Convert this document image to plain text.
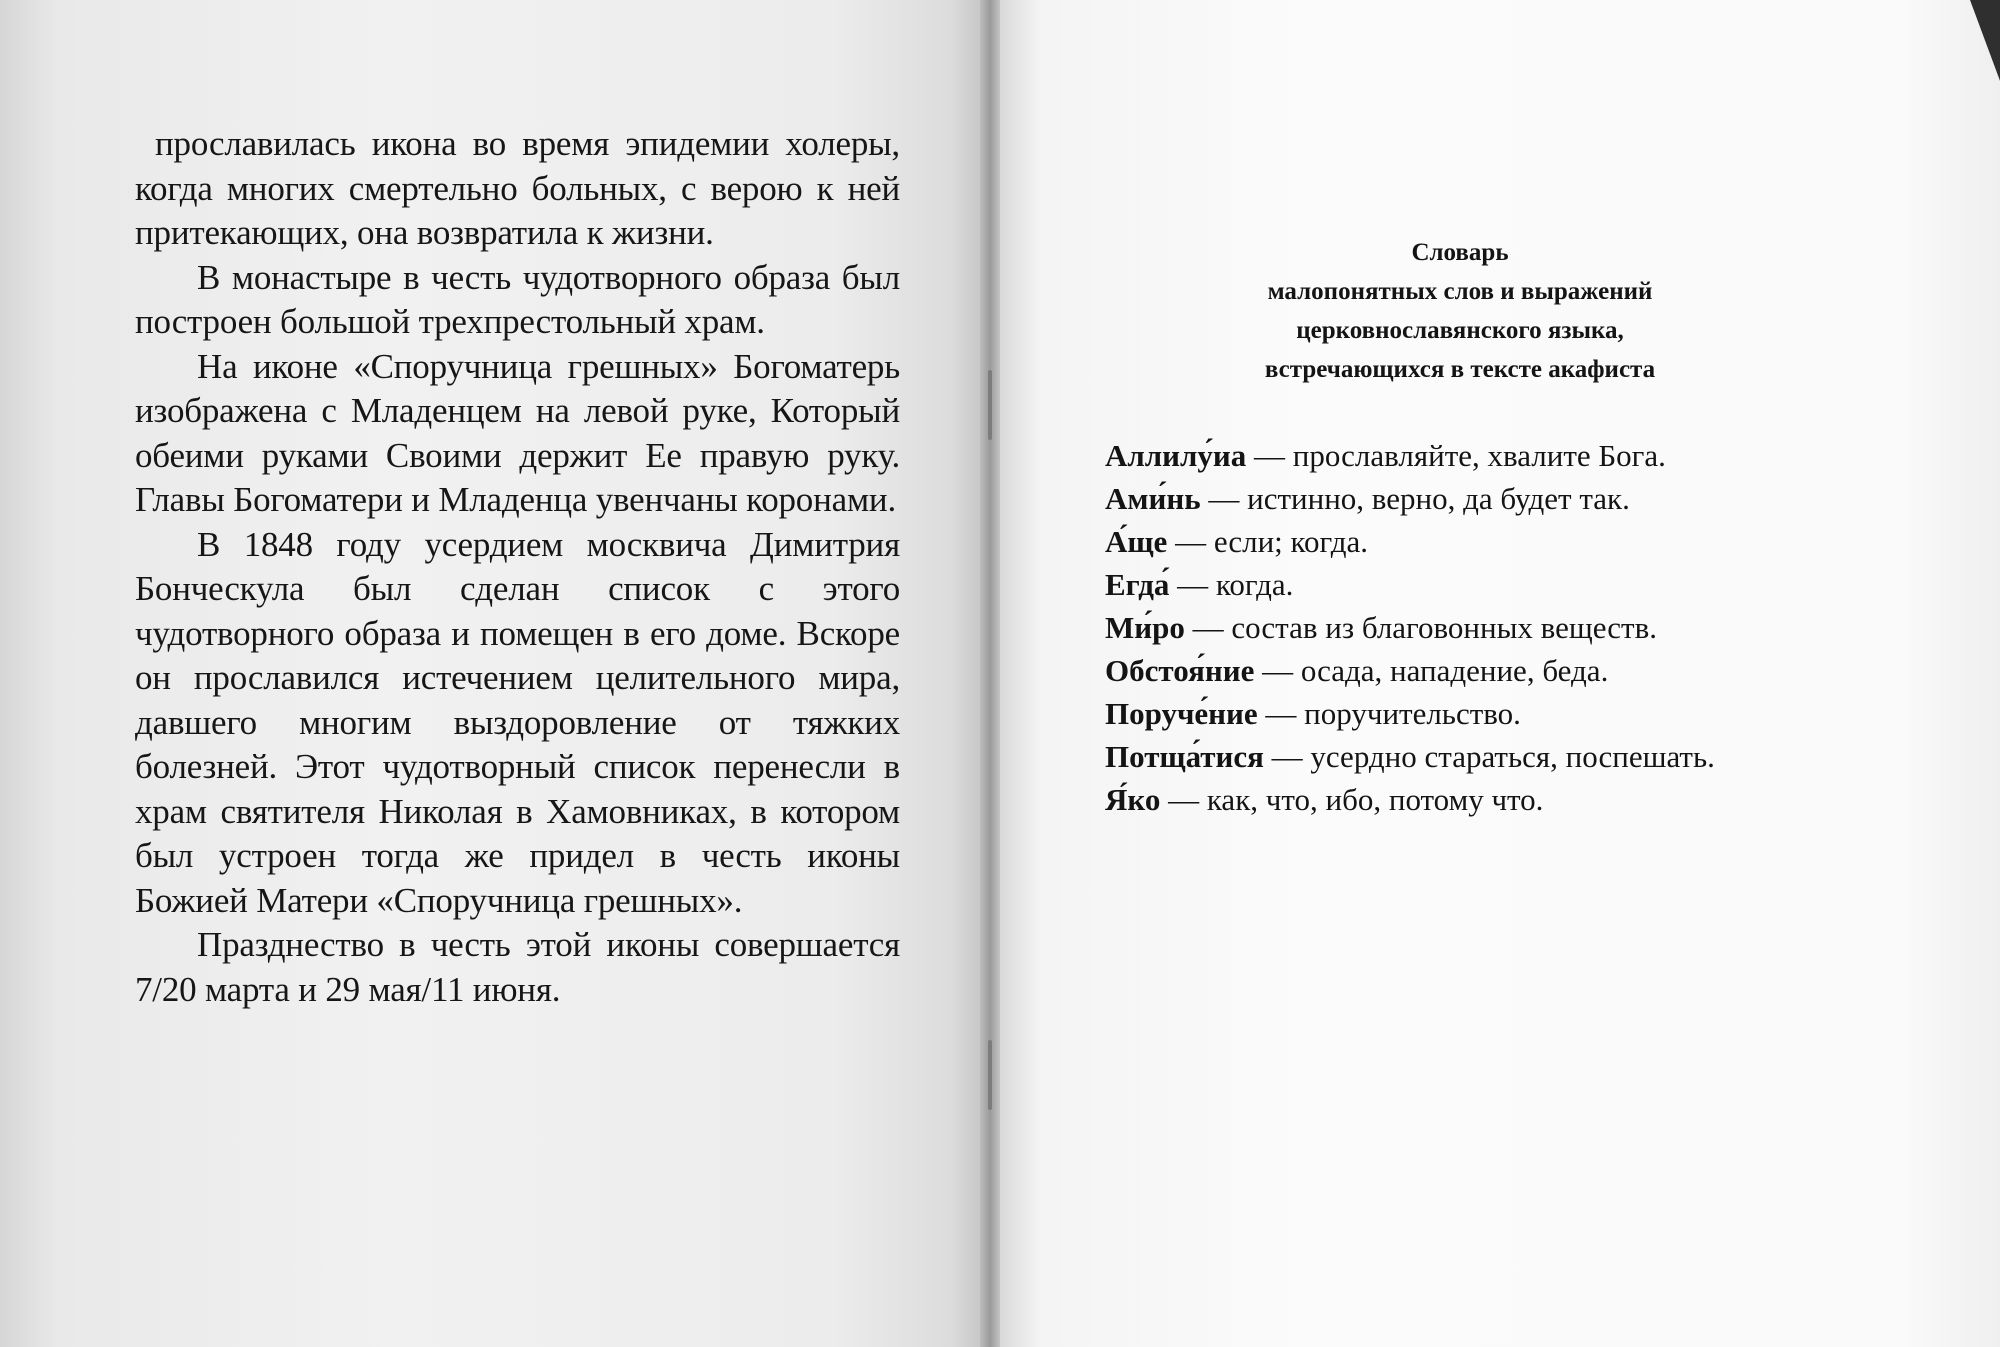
прославилась икона во время эпидемии холеры, когда многих смертельно больных, с верою к ней притекающих, она возвратила к жизни.

В монастыре в честь чудотворного образа был построен большой трехпрестольный храм.

На иконе «Споручница грешных» Богоматерь изображена с Младенцем на левой руке, Который обеими руками Своими держит Ее правую руку. Главы Богоматери и Младенца увенчаны коронами.

В 1848 году усердием москвича Димитрия Бонческула был сделан список с этого чудотворного образа и помещен в его доме. Вскоре он прославился истечением целительного мира, давшего многим выздоровление от тяжких болезней. Этот чудотворный список перенесли в храм святителя Николая в Хамовниках, в котором был устроен тогда же придел в честь иконы Божией Матери «Споручница грешных».

Празднество в честь этой иконы совершается 7/20 марта и 29 мая/11 июня.

Словарь
малопонятных слов и выражений
церковнославянского языка,
встречающихся в тексте акафиста
Аллилу́иа — прославляйте, хвалите Бога.
Ами́нь — истинно, верно, да будет так.
А́ще — если; когда.
Егда́ — когда.
Ми́ро — состав из благовонных веществ.
Обстоя́ние — осада, нападение, беда.
Поруче́ние — поручительство.
Потща́тися — усердно стараться, поспешать.
Я́ко — как, что, ибо, потому что.
